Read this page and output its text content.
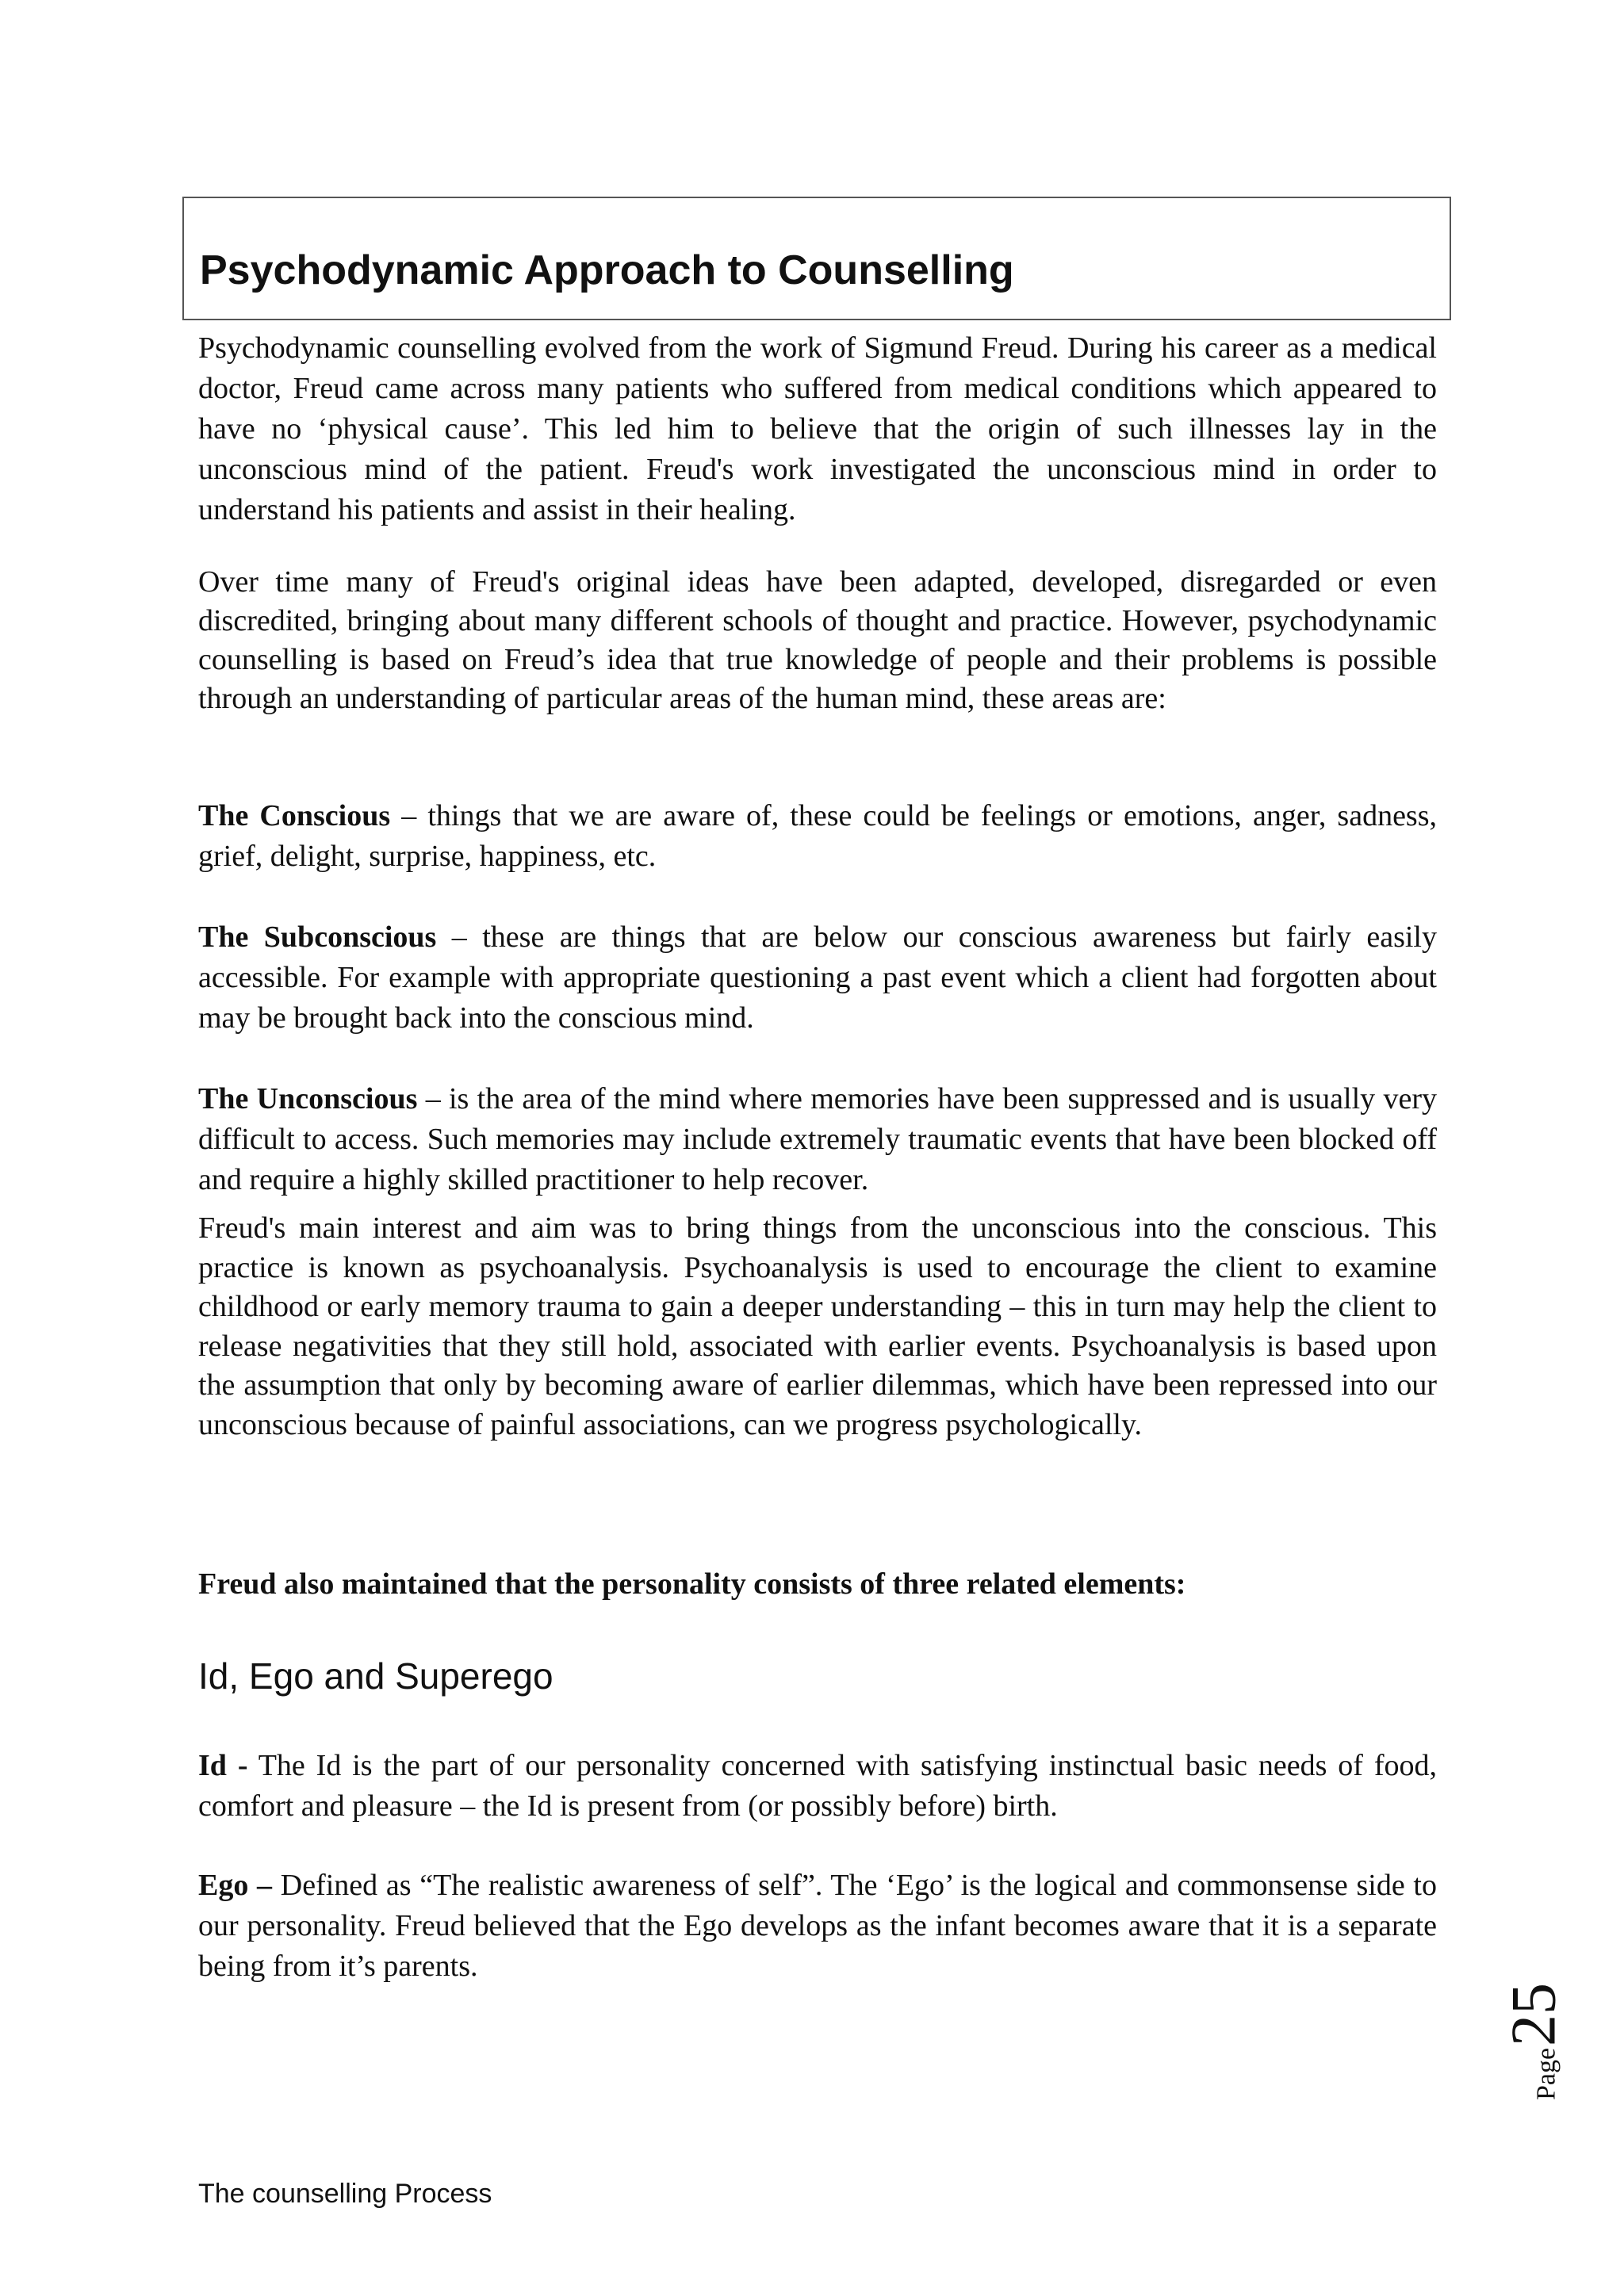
Psychodynamic Approach to Counselling

Psychodynamic counselling evolved from the work of Sigmund Freud. During his career as a medical doctor, Freud came across many patients who suffered from medical conditions which appeared to have no ‘physical cause’. This led him to believe that the origin of such illnesses lay in the unconscious mind of the patient. Freud's work investigated the unconscious mind in order to understand his patients and assist in their healing.

Over time many of Freud's original ideas have been adapted, developed, disregarded or even discredited, bringing about many different schools of thought and practice. However, psychodynamic counselling is based on Freud’s idea that true knowledge of people and their problems is possible through an understanding of particular areas of the human mind, these areas are:

The Conscious – things that we are aware of, these could be feelings or emotions, anger, sadness, grief, delight, surprise, happiness, etc.

The Subconscious – these are things that are below our conscious awareness but fairly easily accessible. For example with appropriate questioning a past event which a client had forgotten about may be brought back into the conscious mind.

The Unconscious – is the area of the mind where memories have been suppressed and is usually very difficult to access. Such memories may include extremely traumatic events that have been blocked off and require a highly skilled practitioner to help recover.

Freud's main interest and aim was to bring things from the unconscious into the conscious. This practice is known as psychoanalysis. Psychoanalysis is used to encourage the client to examine childhood or early memory trauma to gain a deeper understanding – this in turn may help the client to release negativities that they still hold, associated with earlier events. Psychoanalysis is based upon the assumption that only by becoming aware of earlier dilemmas, which have been repressed into our unconscious because of painful associations, can we progress psychologically.

Freud also maintained that the personality consists of three related elements:

Id, Ego and Superego

Id - The Id is the part of our personality concerned with satisfying instinctual basic needs of food, comfort and pleasure – the Id is present from (or possibly before) birth.

Ego – Defined as “The realistic awareness of self”. The ‘Ego’ is the logical and commonsense side to our personality. Freud believed that the Ego develops as the infant becomes aware that it is a separate being from it’s parents.

Page25

The counselling Process
